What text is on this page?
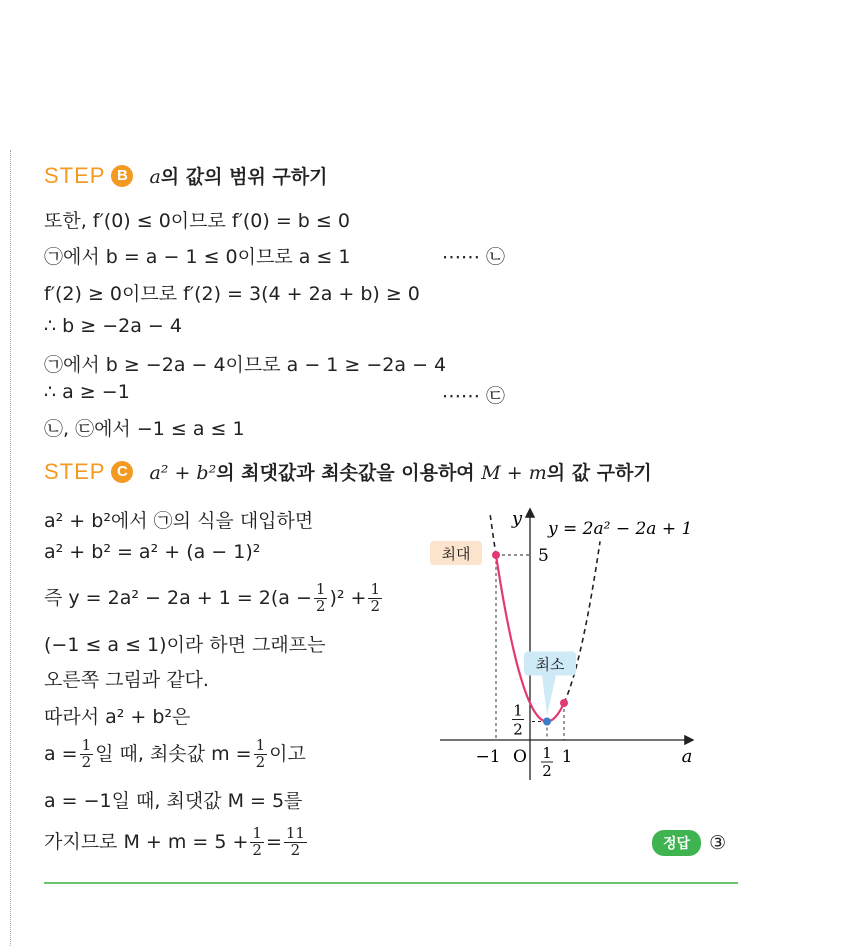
STEP B a의 값의 범위 구하기
또한, f′(0) ≤ 0이므로 f′(0) = b ≤ 0
㉠에서 b = a − 1 ≤ 0이므로 a ≤ 1	⋯⋯ ㉡
f′(2) ≥ 0이므로 f′(2) = 3(4 + 2a + b) ≥ 0
∴ b ≥ −2a − 4
㉠에서 b ≥ −2a − 4이므로 a − 1 ≥ −2a − 4
∴ a ≥ −1	⋯⋯ ㉢
㉡, ㉢에서 −1 ≤ a ≤ 1
STEP C a² + b²의 최댓값과 최솟값을 이용하여 M + m의 값 구하기
a² + b²에서 ㉠의 식을 대입하면
a² + b² = a² + (a − 1)²
즉 $y = 2a^2 - 2a + 1 = 2(a - \frac{1}{2} )^2 + \frac{1}{2}$
(−1 ≤ a ≤ 1)이라 하면 그래프는
오른쪽 그림과 같다.
따라서 a² + b²은
$a = \frac{1}{2}$ 일 때, 최솟값 $m = \frac{1}{2}$ 이고
a = −1일 때, 최댓값 M = 5를
가지므로 $M + m = 5 + \frac{1}{2} = \frac{11}{2}$
y
a
y = 2a² − 2a + 1
O
−1	1
1
2
5
1
2
최대
최소
정답	③
